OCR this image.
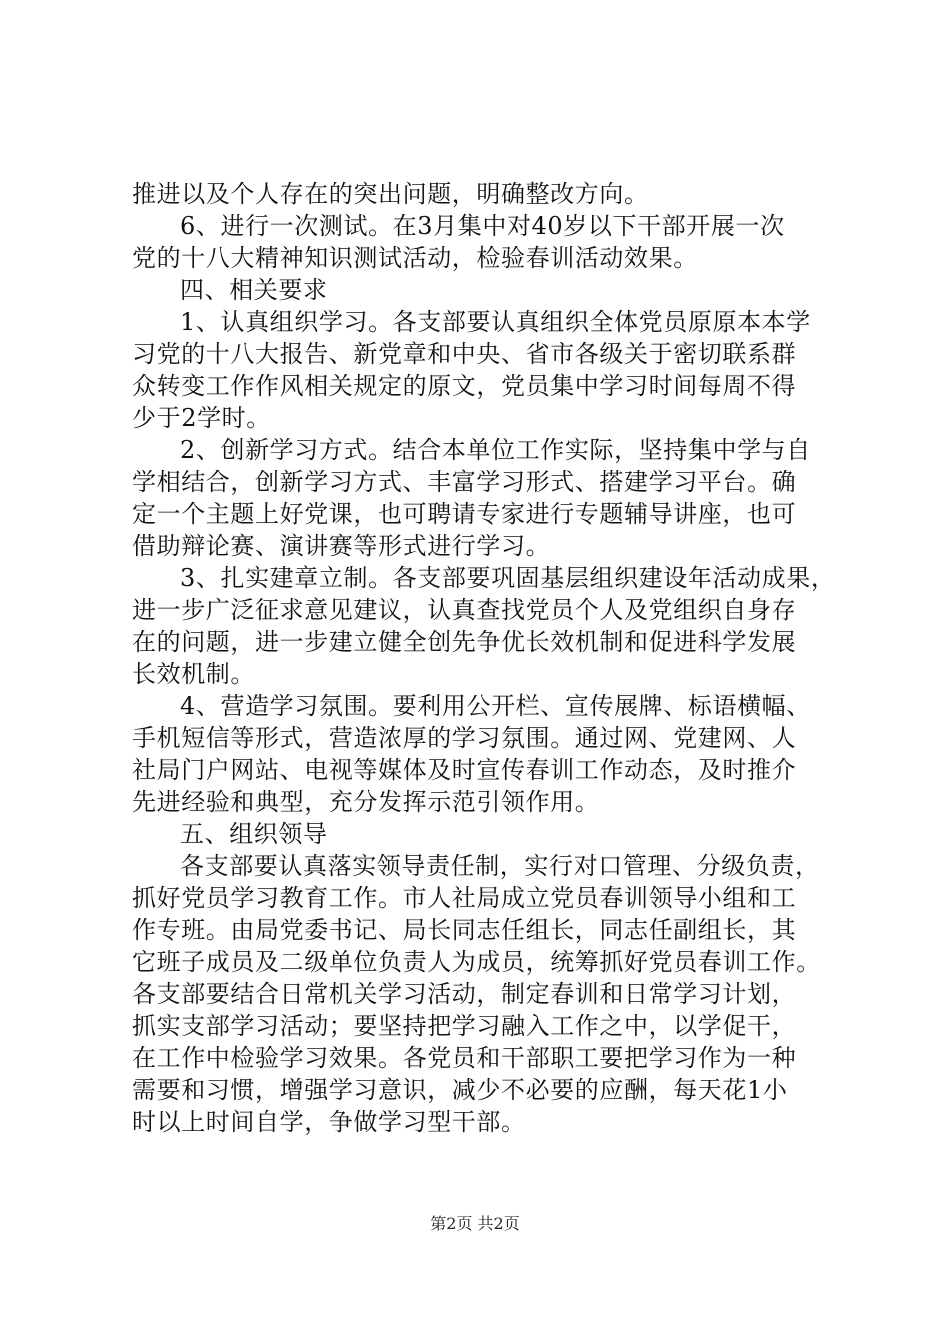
推进以及个人存在的突出问题，明确整改方向。
6、进行一次测试。在3月集中对40岁以下干部开展一次
党的十八大精神知识测试活动，检验春训活动效果。
四、相关要求
1、认真组织学习。各支部要认真组织全体党员原原本本学
习党的十八大报告、新党章和中央、省市各级关于密切联系群
众转变工作作风相关规定的原文，党员集中学习时间每周不得
少于2学时。
2、创新学习方式。结合本单位工作实际，坚持集中学与自
学相结合，创新学习方式、丰富学习形式、搭建学习平台。确
定一个主题上好党课，也可聘请专家进行专题辅导讲座，也可
借助辩论赛、演讲赛等形式进行学习。
3、扎实建章立制。各支部要巩固基层组织建设年活动成果，
进一步广泛征求意见建议，认真查找党员个人及党组织自身存
在的问题，进一步建立健全创先争优长效机制和促进科学发展
长效机制。
4、营造学习氛围。要利用公开栏、宣传展牌、标语横幅、
手机短信等形式，营造浓厚的学习氛围。通过网、党建网、人
社局门户网站、电视等媒体及时宣传春训工作动态，及时推介
先进经验和典型，充分发挥示范引领作用。
五、组织领导
各支部要认真落实领导责任制，实行对口管理、分级负责，
抓好党员学习教育工作。市人社局成立党员春训领导小组和工
作专班。由局党委书记、局长同志任组长，同志任副组长，其
它班子成员及二级单位负责人为成员，统筹抓好党员春训工作。
各支部要结合日常机关学习活动，制定春训和日常学习计划，
抓实支部学习活动；要坚持把学习融入工作之中，以学促干，
在工作中检验学习效果。各党员和干部职工要把学习作为一种
需要和习惯，增强学习意识，减少不必要的应酬，每天花1小
时以上时间自学，争做学习型干部。
第2页 共2页
